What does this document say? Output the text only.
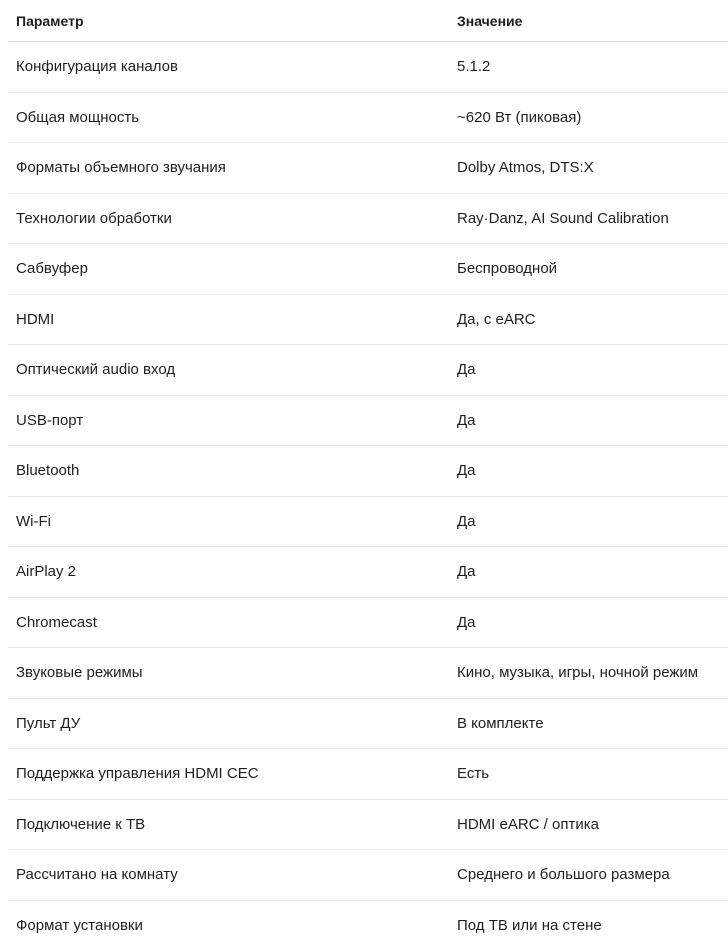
Параметр	Значение
Конфигурация каналов	5.1.2
Общая мощность	~620 Вт (пиковая)
Форматы объемного звучания	Dolby Atmos, DTS:X
Технологии обработки	Ray·Danz, AI Sound Calibration
Сабвуфер	Беспроводной
HDMI	Да, с eARC
Оптический audio вход	Да
USB-порт	Да
Bluetooth	Да
Wi-Fi	Да
AirPlay 2	Да
Chromecast	Да
Звуковые режимы	Кино, музыка, игры, ночной режим
Пульт ДУ	В комплекте
Поддержка управления HDMI CEC	Есть
Подключение к ТВ	HDMI eARC / оптика
Рассчитано на комнату	Среднего и большого размера
Формат установки	Под ТВ или на стене
